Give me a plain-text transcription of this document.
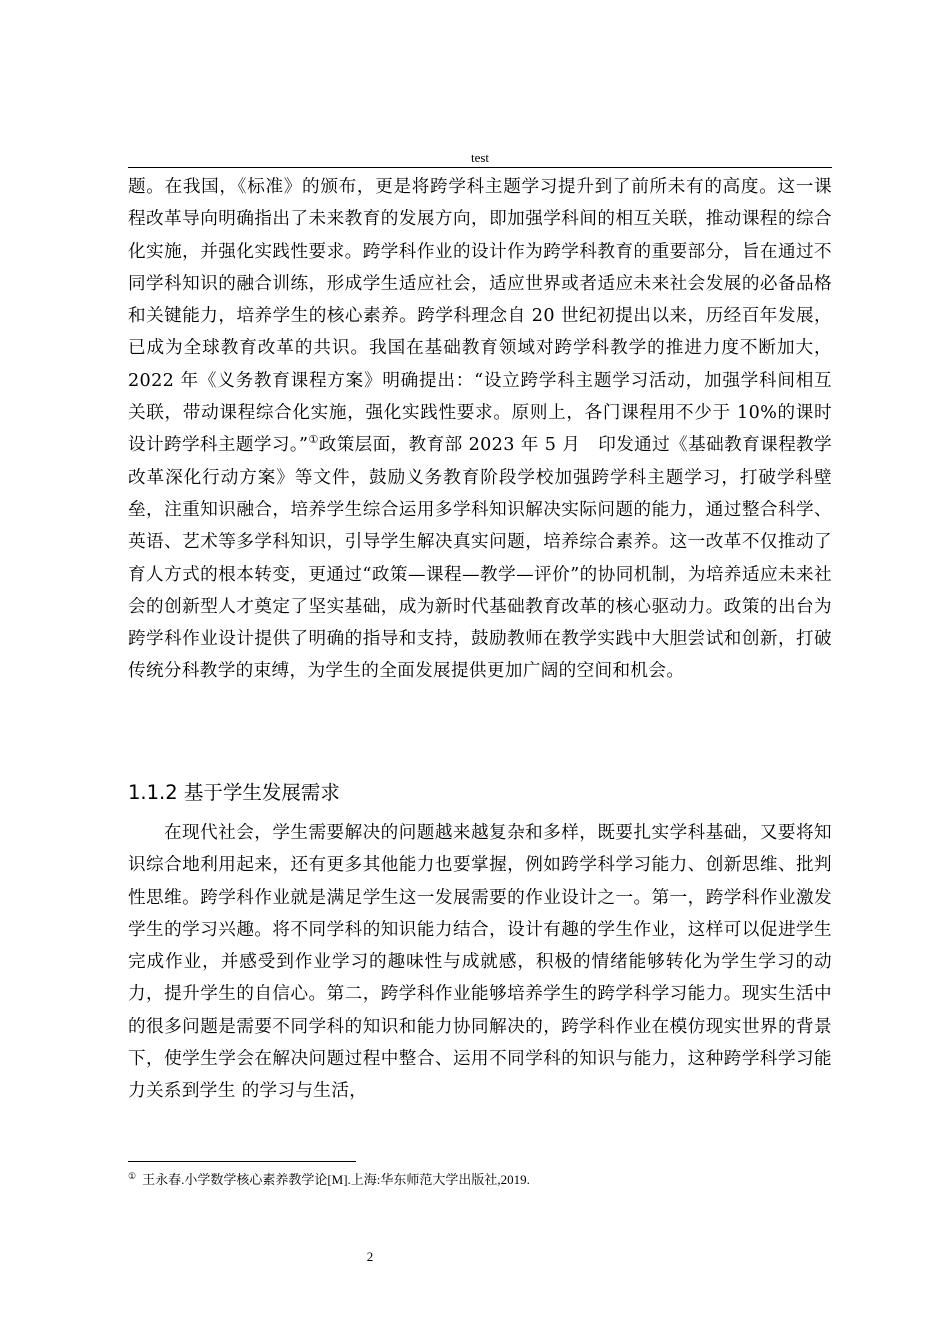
test

题。在我国，《标准》的颁布，更是将跨学科主题学习提升到了前所未有的高度。这一课程改革导向明确指出了未来教育的发展方向，即加强学科间的相互关联，推动课程的综合化实施，并强化实践性要求。跨学科作业的设计作为跨学科教育的重要部分，旨在通过不同学科知识的融合训练，形成学生适应社会，适应世界或者适应未来社会发展的必备品格和关键能力，培养学生的核心素养。跨学科理念自 20 世纪初提出以来，历经百年发展，已成为全球教育改革的共识。我国在基础教育领域对跨学科教学的推进力度不断加大，2022 年《义务教育课程方案》明确提出：“设立跨学科主题学习活动，加强学科间相互关联，带动课程综合化实施，强化实践性要求。原则上，各门课程用不少于 10%的课时设计跨学科主题学习。”①政策层面，教育部 2023 年 5 月　印发通过《基础教育课程教学改革深化行动方案》等文件，鼓励义务教育阶段学校加强跨学科主题学习，打破学科壁垒，注重知识融合，培养学生综合运用多学科知识解决实际问题的能力，通过整合科学、英语、艺术等多学科知识，引导学生解决真实问题，培养综合素养。这一改革不仅推动了育人方式的根本转变，更通过“政策—课程—教学—评价”的协同机制，为培养适应未来社会的创新型人才奠定了坚实基础，成为新时代基础教育改革的核心驱动力。政策的出台为跨学科作业设计提供了明确的指导和支持，鼓励教师在教学实践中大胆尝试和创新，打破传统分科教学的束缚，为学生的全面发展提供更加广阔的空间和机会。

1.1.2 基于学生发展需求

在现代社会，学生需要解决的问题越来越复杂和多样，既要扎实学科基础，又要将知识综合地利用起来，还有更多其他能力也要掌握，例如跨学科学习能力、创新思维、批判性思维。跨学科作业就是满足学生这一发展需要的作业设计之一。第一，跨学科作业激发学生的学习兴趣。将不同学科的知识能力结合，设计有趣的学生作业，这样可以促进学生完成作业，并感受到作业学习的趣味性与成就感，积极的情绪能够转化为学生学习的动力，提升学生的自信心。第二，跨学科作业能够培养学生的跨学科学习能力。现实生活中的很多问题是需要不同学科的知识和能力协同解决的，跨学科作业在模仿现实世界的背景下，使学生学会在解决问题过程中整合、运用不同学科的知识与能力，这种跨学科学习能力关系到学生 的学习与生活，

① 王永春.小学数学核心素养教学论[M].上海:华东师范大学出版社,2019.
2
